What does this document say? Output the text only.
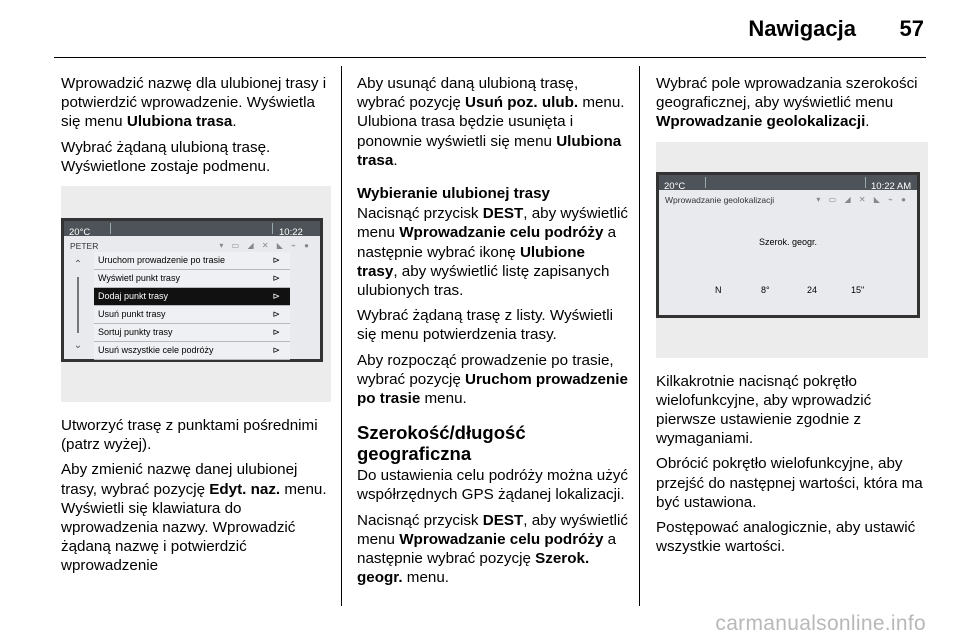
Nawigacja 57

Wprowadzić nazwę dla ulubionej trasy i potwierdzić wprowadzenie. Wyświetla się menu Ulubiona trasa.

Wybrać żądaną ulubioną trasę. Wyświetlone zostaje podmenu.

20°C	10:22
PETER	▾ ▭ ◢ ✕ ◣ ⌁ ●
⌃
⌄
Uruchom prowadzenie po trasie	⊳
Wyświetl punkt trasy	⊳
Dodaj punkt trasy	⊳
Usuń punkt trasy	⊳
Sortuj punkty trasy	⊳
Usuń wszystkie cele podróży	⊳

Utworzyć trasę z punktami pośrednimi (patrz wyżej).

Aby zmienić nazwę danej ulubionej trasy, wybrać pozycję Edyt. naz. menu. Wyświetli się klawiatura do wprowadzenia nazwy. Wprowadzić żądaną nazwę i potwierdzić wprowadzenie

Aby usunąć daną ulubioną trasę, wybrać pozycję Usuń poz. ulub. menu. Ulubiona trasa będzie usunięta i ponownie wyświetli się menu Ulubiona trasa.

Wybieranie ulubionej trasy

Nacisnąć przycisk DEST, aby wyświetlić menu Wprowadzanie celu podróży a następnie wybrać ikonę Ulubione trasy, aby wyświetlić listę zapisanych ulubionych tras.

Wybrać żądaną trasę z listy. Wyświetli się menu potwierdzenia trasy.

Aby rozpocząć prowadzenie po trasie, wybrać pozycję Uruchom prowadzenie po trasie menu.

Szerokość/długość geograficzna

Do ustawienia celu podróży można użyć współrzędnych GPS żądanej lokalizacji.

Nacisnąć przycisk DEST, aby wyświetlić menu Wprowadzanie celu podróży a następnie wybrać pozycję Szerok. geogr. menu.

Wybrać pole wprowadzania szerokości geograficznej, aby wyświetlić menu Wprowadzanie geolokalizacji.

20°C	10:22 AM
Wprowadzanie geolokalizacji	▾ ▭ ◢ ✕ ◣ ⌁ ●
Szerok. geogr.
N	8°	24	15"

Kilkakrotnie nacisnąć pokrętło wielofunkcyjne, aby wprowadzić pierwsze ustawienie zgodnie z wymaganiami.

Obrócić pokrętło wielofunkcyjne, aby przejść do następnej wartości, która ma być ustawiona.

Postępować analogicznie, aby ustawić wszystkie wartości.

carmanualsonline.info
